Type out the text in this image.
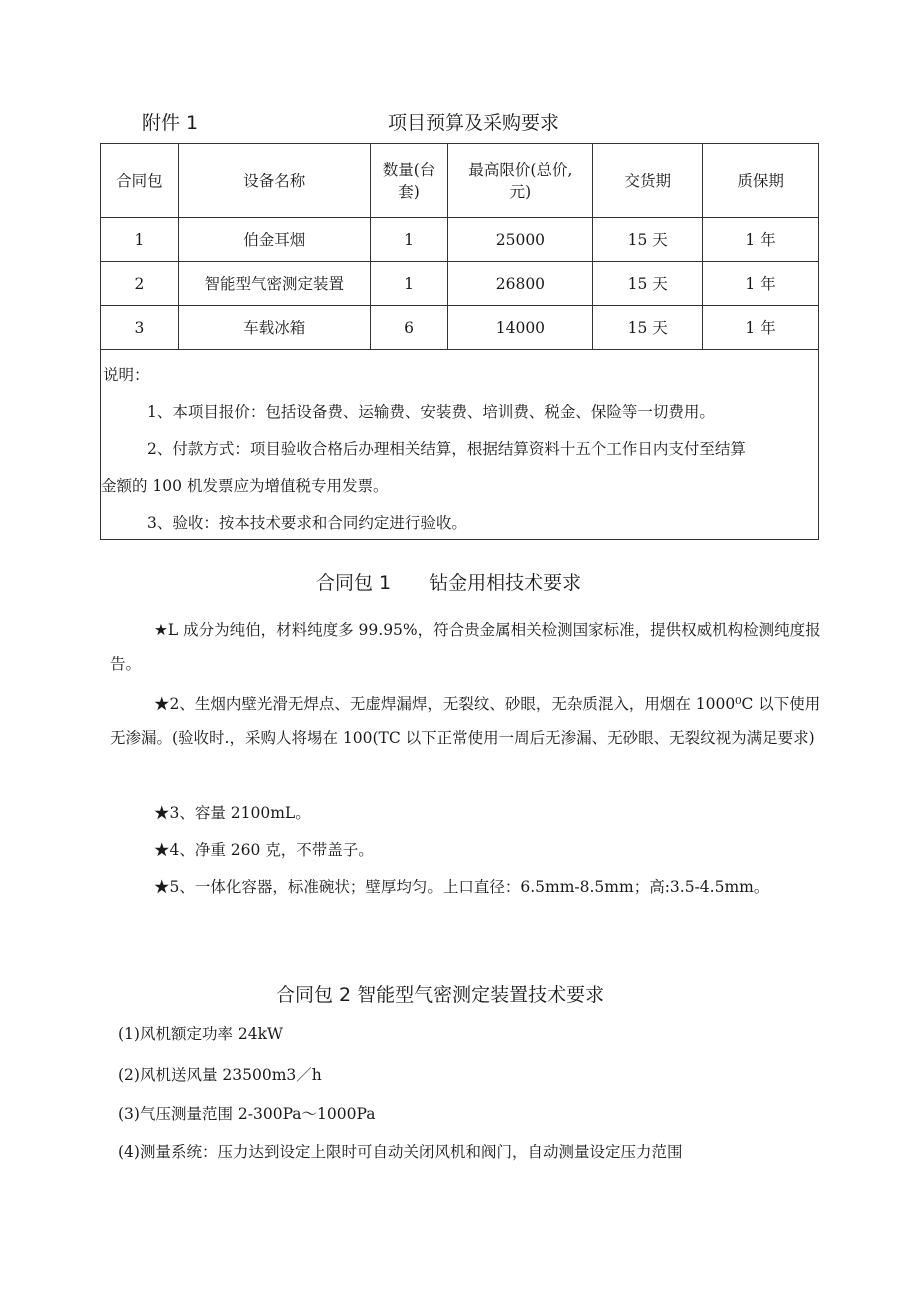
附件 1	项目预算及采购要求
合同包	设备名称	数量(台套)	最高限价(总价,元)	交货期	质保期
1	伯金耳烟	1	25000	15 天	1 年
2	智能型气密测定装置	1	26800	15 天	1 年
3	车载冰箱	6	14000	15 天	1 年

说明：
1、本项目报价：包括设备费、运输费、安装费、培训费、税金、保险等一切费用。
2、付款方式：项目验收合格后办理相关结算，根据结算资料十五个工作日内支付至结算
金额的 100 机发票应为增值税专用发票。
3、验收：按本技术要求和合同约定进行验收。					
合同包 1　　钻金用相技术要求
★L 成分为纯伯，材料纯度多 99.95%，符合贵金属相关检测国家标准，提供权威机构检测纯度报告。
★2、生烟内壁光滑无焊点、无虚焊漏焊，无裂纹、砂眼，无杂质混入，用烟在 1000⁰C 以下使用无渗漏。(验收时.，采购人将埸在 100(TC 以下正常使用一周后无渗漏、无砂眼、无裂纹视为满足要求)
★3、容量 2100mL。
★4、净重 260 克，不带盖子。
★5、一体化容器，标准碗状；壁厚均匀。上口直径：6.5mm-8.5mm；高:3.5-4.5mm。
合同包 2 智能型气密测定装置技术要求
(1)风机额定功率 24kW
(2)风机送风量 23500m3／h
(3)气压测量范围 2-300Pa～1000Pa
(4)测量系统：压力达到设定上限时可自动关闭风机和阀门，自动测量设定压力范围
